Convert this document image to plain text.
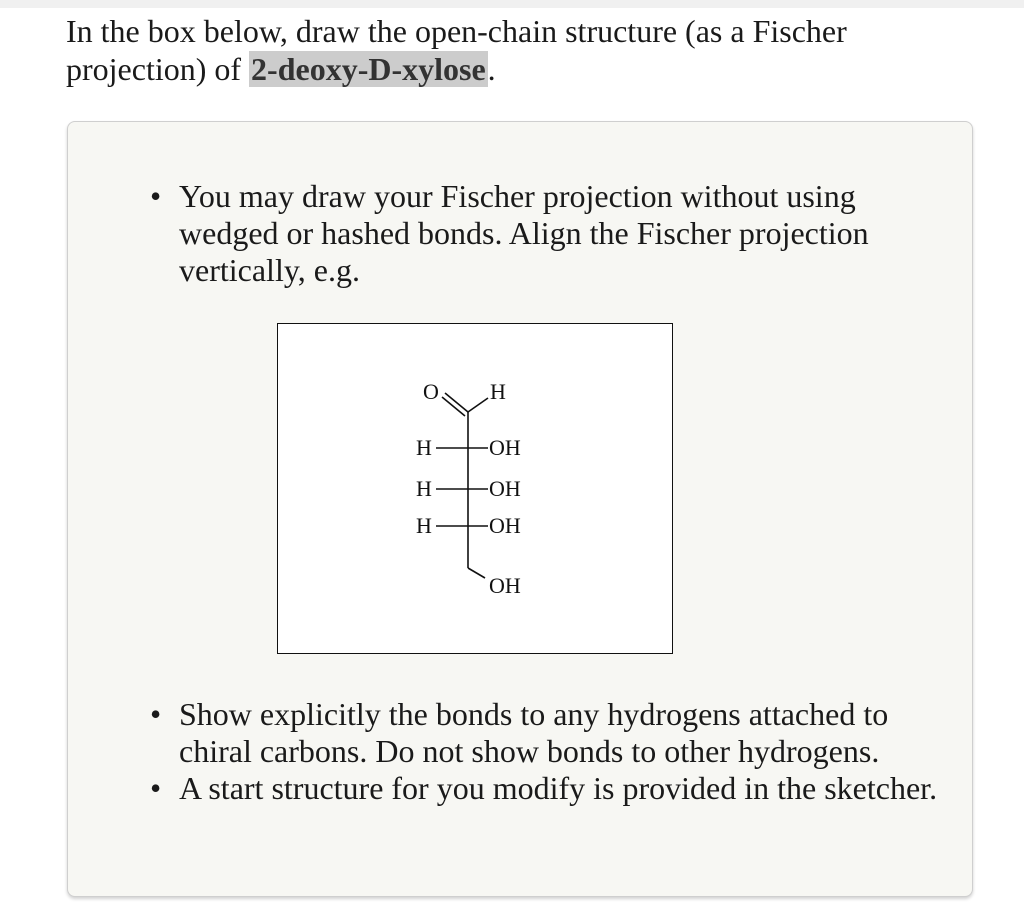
In the box below, draw the open-chain structure (as a Fischer projection) of 2-deoxy-D-xylose.
• You may draw your Fischer projection without using wedged or hashed bonds. Align the Fischer projection vertically, e.g.
• Show explicitly the bonds to any hydrogens attached to chiral carbons. Do not show bonds to other hydrogens.
• A start structure for you modify is provided in the sketcher.
O H
H	OH
H	OH
H	OH
OH
